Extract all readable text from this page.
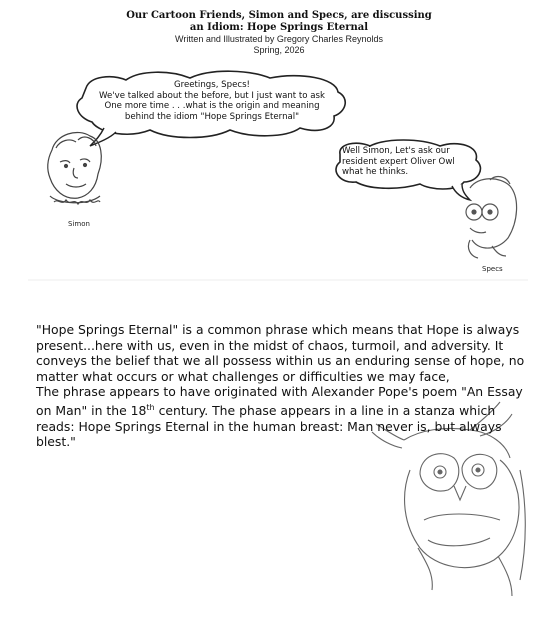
Our Cartoon Friends, Simon and Specs, are discussing
an Idiom: Hope Springs Eternal
Written and Illustrated by Gregory Charles Reynolds
Spring, 2026
Greetings, Specs!
We've talked about the before, but I just want to ask
One more time . . .what is the origin and meaning
behind the idiom "Hope Springs Eternal"
Well Simon, Let's ask our
resident expert Oliver Owl
what he thinks.
Simon
Specs
"Hope Springs Eternal" is a common phrase which means that Hope is always present...here with us, even in the midst of chaos, turmoil, and adversity. It conveys the belief that we all possess within us an enduring sense of hope, no matter what occurs or what challenges or difficulties we may face,
The phrase appears to have originated with Alexander Pope's poem "An Essay on Man" in the 18th century. The phase appears in a line in a stanza which reads: Hope Springs Eternal in the human breast: Man never is, but always blest."
